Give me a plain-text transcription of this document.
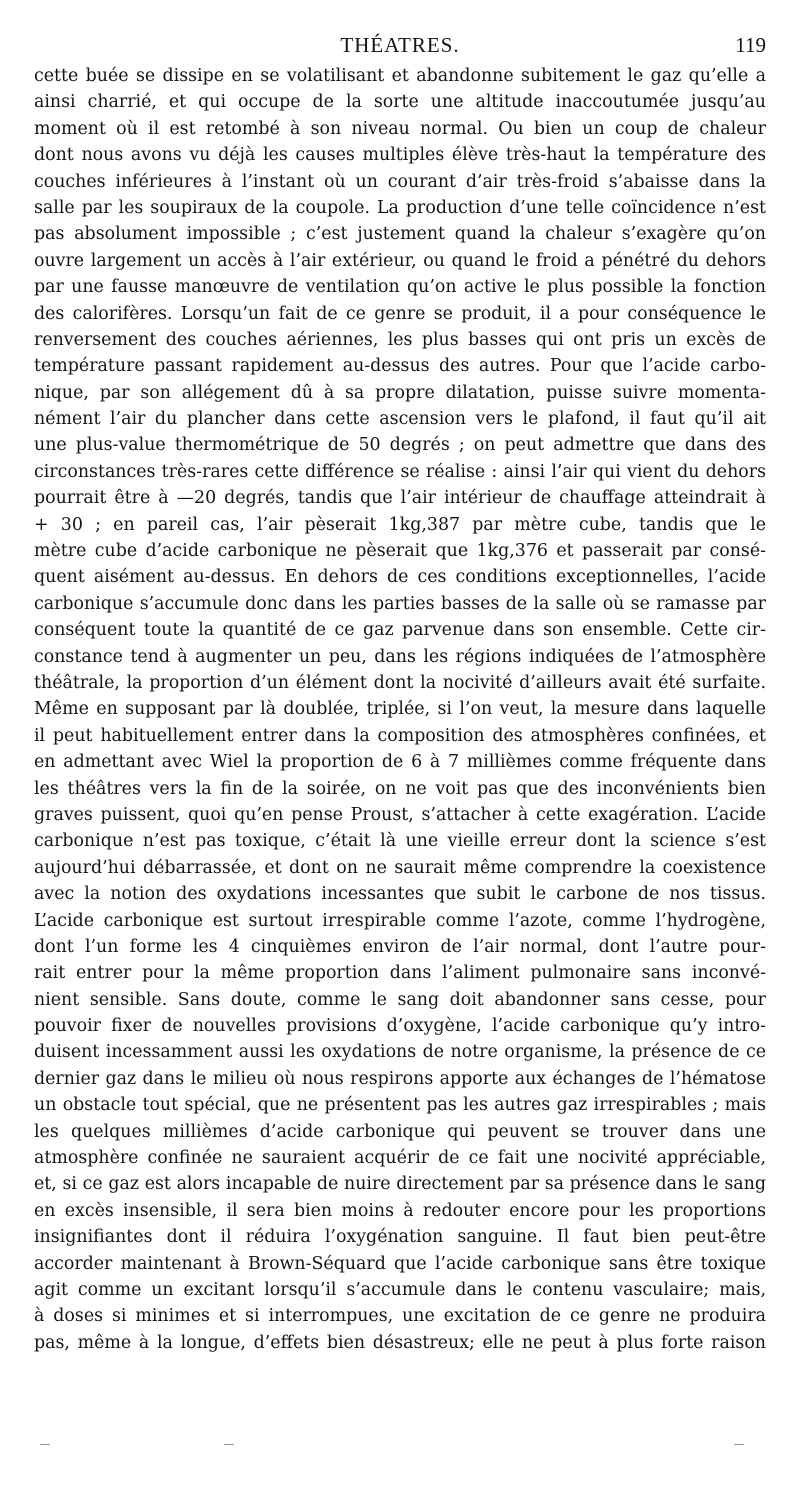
THÉATRES.	119
cette buée se dissipe en se volatilisant et abandonne subitement le gaz qu’elle a
ainsi charrié, et qui occupe de la sorte une altitude inaccoutumée jusqu’au
moment où il est retombé à son niveau normal. Ou bien un coup de chaleur
dont nous avons vu déjà les causes multiples élève très-haut la température des
couches inférieures à l’instant où un courant d’air très-froid s’abaisse dans la
salle par les soupiraux de la coupole. La production d’une telle coïncidence n’est
pas absolument impossible ; c’est justement quand la chaleur s’exagère qu’on
ouvre largement un accès à l’air extérieur, ou quand le froid a pénétré du dehors
par une fausse manœuvre de ventilation qu’on active le plus possible la fonction
des calorifères. Lorsqu’un fait de ce genre se produit, il a pour conséquence le
renversement des couches aériennes, les plus basses qui ont pris un excès de
température passant rapidement au-dessus des autres. Pour que l’acide carbo-
nique, par son allégement dû à sa propre dilatation, puisse suivre momenta-
nément l’air du plancher dans cette ascension vers le plafond, il faut qu’il ait
une plus-value thermométrique de 50 degrés ; on peut admettre que dans des
circonstances très-rares cette différence se réalise : ainsi l’air qui vient du dehors
pourrait être à —20 degrés, tandis que l’air intérieur de chauffage atteindrait à
+ 30 ; en pareil cas, l’air pèserait 1kg,387 par mètre cube, tandis que le
mètre cube d’acide carbonique ne pèserait que 1kg,376 et passerait par consé-
quent aisément au-dessus. En dehors de ces conditions exceptionnelles, l’acide
carbonique s’accumule donc dans les parties basses de la salle où se ramasse par
conséquent toute la quantité de ce gaz parvenue dans son ensemble. Cette cir-
constance tend à augmenter un peu, dans les régions indiquées de l’atmosphère
théâtrale, la proportion d’un élément dont la nocivité d’ailleurs avait été surfaite.
Même en supposant par là doublée, triplée, si l’on veut, la mesure dans laquelle
il peut habituellement entrer dans la composition des atmosphères confinées, et
en admettant avec Wiel la proportion de 6 à 7 millièmes comme fréquente dans
les théâtres vers la fin de la soirée, on ne voit pas que des inconvénients bien
graves puissent, quoi qu’en pense Proust, s’attacher à cette exagération. L’acide
carbonique n’est pas toxique, c’était là une vieille erreur dont la science s’est
aujourd’hui débarrassée, et dont on ne saurait même comprendre la coexistence
avec la notion des oxydations incessantes que subit le carbone de nos tissus.
L’acide carbonique est surtout irrespirable comme l’azote, comme l’hydrogène,
dont l’un forme les 4 cinquièmes environ de l’air normal, dont l’autre pour-
rait entrer pour la même proportion dans l’aliment pulmonaire sans inconvé-
nient sensible. Sans doute, comme le sang doit abandonner sans cesse, pour
pouvoir fixer de nouvelles provisions d’oxygène, l’acide carbonique qu’y intro-
duisent incessamment aussi les oxydations de notre organisme, la présence de ce
dernier gaz dans le milieu où nous respirons apporte aux échanges de l’hématose
un obstacle tout spécial, que ne présentent pas les autres gaz irrespirables ; mais
les quelques millièmes d’acide carbonique qui peuvent se trouver dans une
atmosphère confinée ne sauraient acquérir de ce fait une nocivité appréciable,
et, si ce gaz est alors incapable de nuire directement par sa présence dans le sang
en excès insensible, il sera bien moins à redouter encore pour les proportions
insignifiantes dont il réduira l’oxygénation sanguine. Il faut bien peut-être
accorder maintenant à Brown-Séquard que l’acide carbonique sans être toxique
agit comme un excitant lorsqu’il s’accumule dans le contenu vasculaire; mais,
à doses si minimes et si interrompues, une excitation de ce genre ne produira
pas, même à la longue, d’effets bien désastreux; elle ne peut à plus forte raison
